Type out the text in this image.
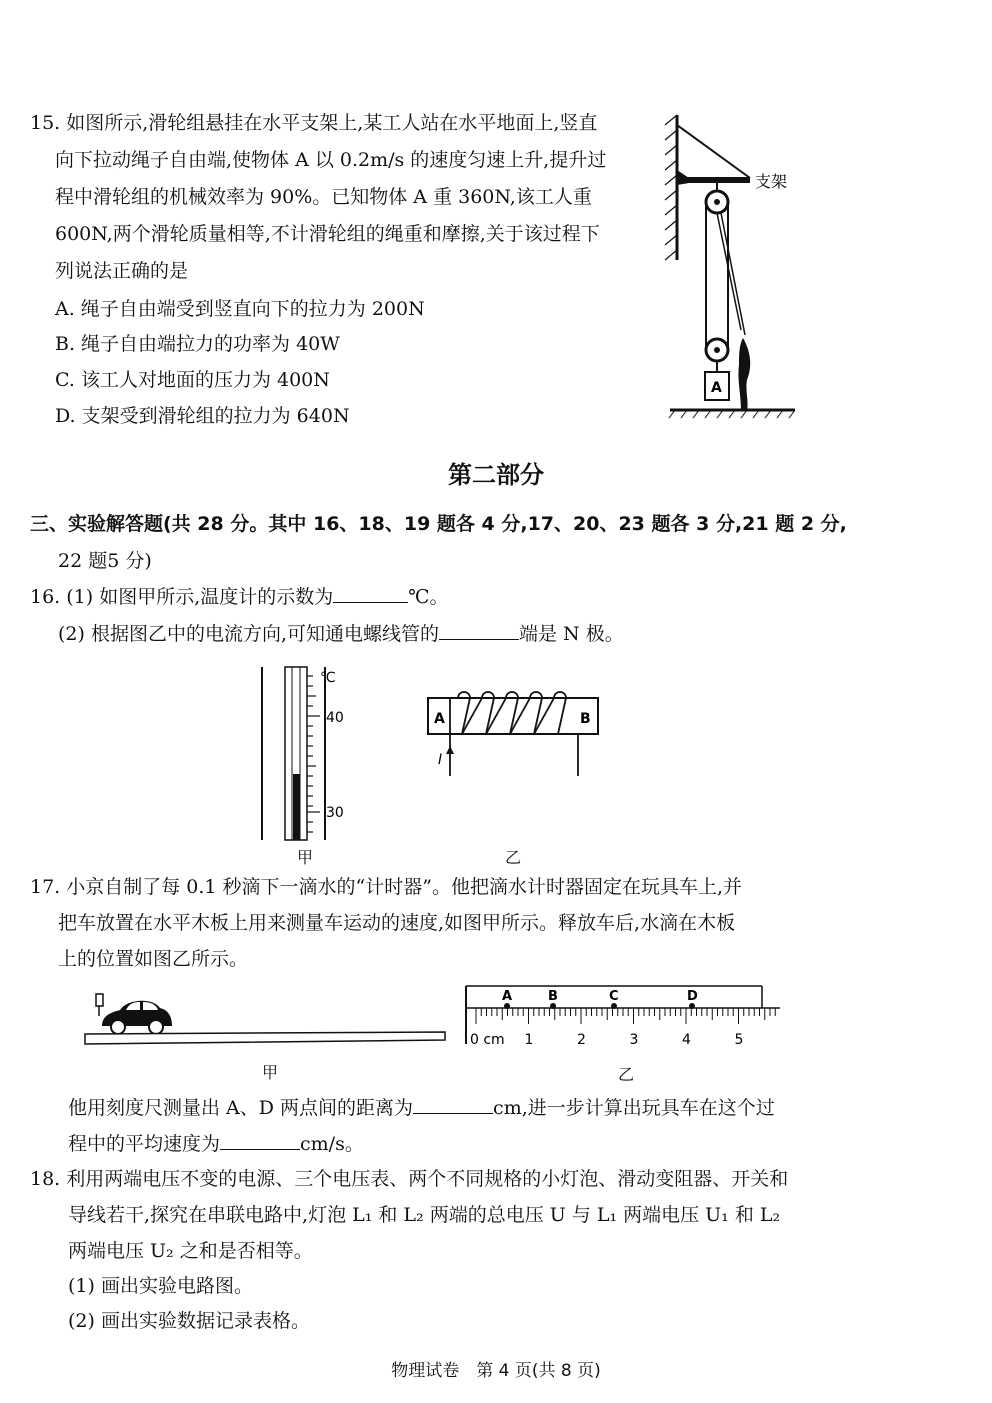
15. 如图所示,滑轮组悬挂在水平支架上,某工人站在水平地面上,竖直
向下拉动绳子自由端,使物体 A 以 0.2m/s 的速度匀速上升,提升过
程中滑轮组的机械效率为 90%。已知物体 A 重 360N,该工人重
600N,两个滑轮质量相等,不计滑轮组的绳重和摩擦,关于该过程下
列说法正确的是
A. 绳子自由端受到竖直向下的拉力为 200N
B. 绳子自由端拉力的功率为 40W
C. 该工人对地面的压力为 400N
D. 支架受到滑轮组的拉力为 640N
支架
A
第二部分
三、实验解答题(共 28 分。其中 16、18、19 题各 4 分,17、20、23 题各 3 分,21 题 2 分,
22 题5 分)
16. (1) 如图甲所示,温度计的示数为	℃。
(2) 根据图乙中的电流方向,可知通电螺线管的	端是 N 极。
℃
40
30
甲
A	B
I
乙
17. 小京自制了每 0.1 秒滴下一滴水的“计时器”。他把滴水计时器固定在玩具车上,并
把车放置在水平木板上用来测量车运动的速度,如图甲所示。释放车后,水滴在木板
上的位置如图乙所示。
甲
A	B	C	D
0 cm 1	2	3	4	5
乙
他用刻度尺测量出 A、D 两点间的距离为	cm,进一步计算出玩具车在这个过
程中的平均速度为	cm/s。
18. 利用两端电压不变的电源、三个电压表、两个不同规格的小灯泡、滑动变阻器、开关和
导线若干,探究在串联电路中,灯泡 L₁ 和 L₂ 两端的总电压 U 与 L₁ 两端电压 U₁ 和 L₂
两端电压 U₂ 之和是否相等。
(1) 画出实验电路图。
(2) 画出实验数据记录表格。
物理试卷　第 4 页(共 8 页)
